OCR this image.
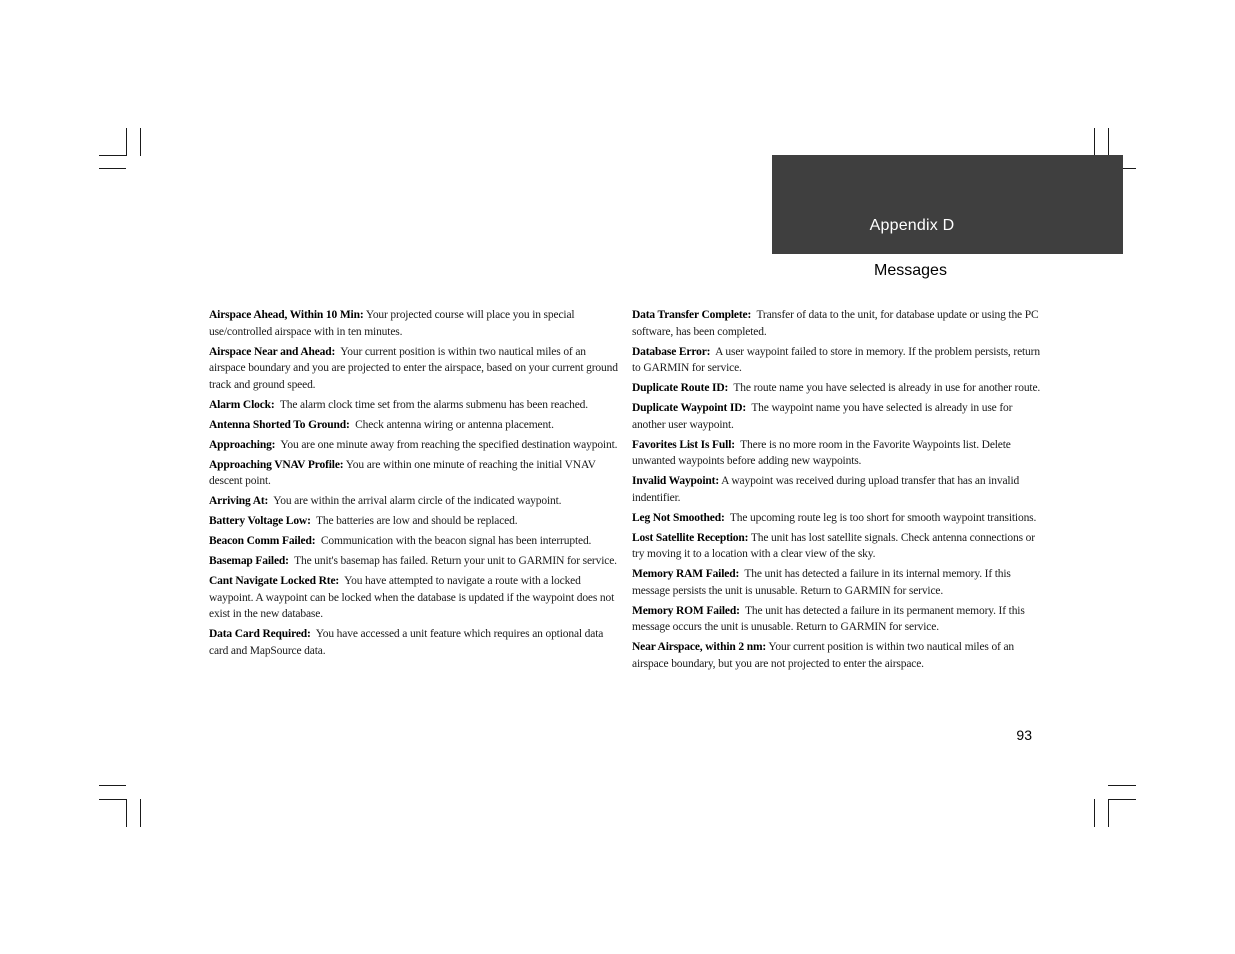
Appendix D
Messages

Airspace Ahead, Within 10 Min: Your projected course will place you in special use/controlled airspace with in ten minutes.

Airspace Near and Ahead: Your current position is within two nautical miles of an airspace boundary and you are projected to enter the airspace, based on your current ground track and ground speed.

Alarm Clock: The alarm clock time set from the alarms submenu has been reached.

Antenna Shorted To Ground: Check antenna wiring or antenna placement.

Approaching: You are one minute away from reaching the specified destination waypoint.

Approaching VNAV Profile: You are within one minute of reaching the initial VNAV descent point.

Arriving At: You are within the arrival alarm circle of the indicated waypoint.

Battery Voltage Low: The batteries are low and should be replaced.

Beacon Comm Failed: Communication with the beacon signal has been interrupted.

Basemap Failed: The unit's basemap has failed. Return your unit to GARMIN for service.

Cant Navigate Locked Rte: You have attempted to navigate a route with a locked waypoint. A waypoint can be locked when the database is updated if the waypoint does not exist in the new database.

Data Card Required: You have accessed a unit feature which requires an optional data card and MapSource data.

Data Transfer Complete: Transfer of data to the unit, for database update or using the PC software, has been completed.

Database Error: A user waypoint failed to store in memory. If the problem persists, return to GARMIN for service.

Duplicate Route ID: The route name you have selected is already in use for another route.

Duplicate Waypoint ID: The waypoint name you have selected is already in use for another user waypoint.

Favorites List Is Full: There is no more room in the Favorite Waypoints list. Delete unwanted waypoints before adding new waypoints.

Invalid Waypoint: A waypoint was received during upload transfer that has an invalid indentifier.

Leg Not Smoothed: The upcoming route leg is too short for smooth waypoint transitions.

Lost Satellite Reception: The unit has lost satellite signals. Check antenna connections or try moving it to a location with a clear view of the sky.

Memory RAM Failed: The unit has detected a failure in its internal memory. If this message persists the unit is unusable. Return to GARMIN for service.

Memory ROM Failed: The unit has detected a failure in its permanent memory. If this message occurs the unit is unusable. Return to GARMIN for service.

Near Airspace, within 2 nm: Your current position is within two nautical miles of an airspace boundary, but you are not projected to enter the airspace.

93
